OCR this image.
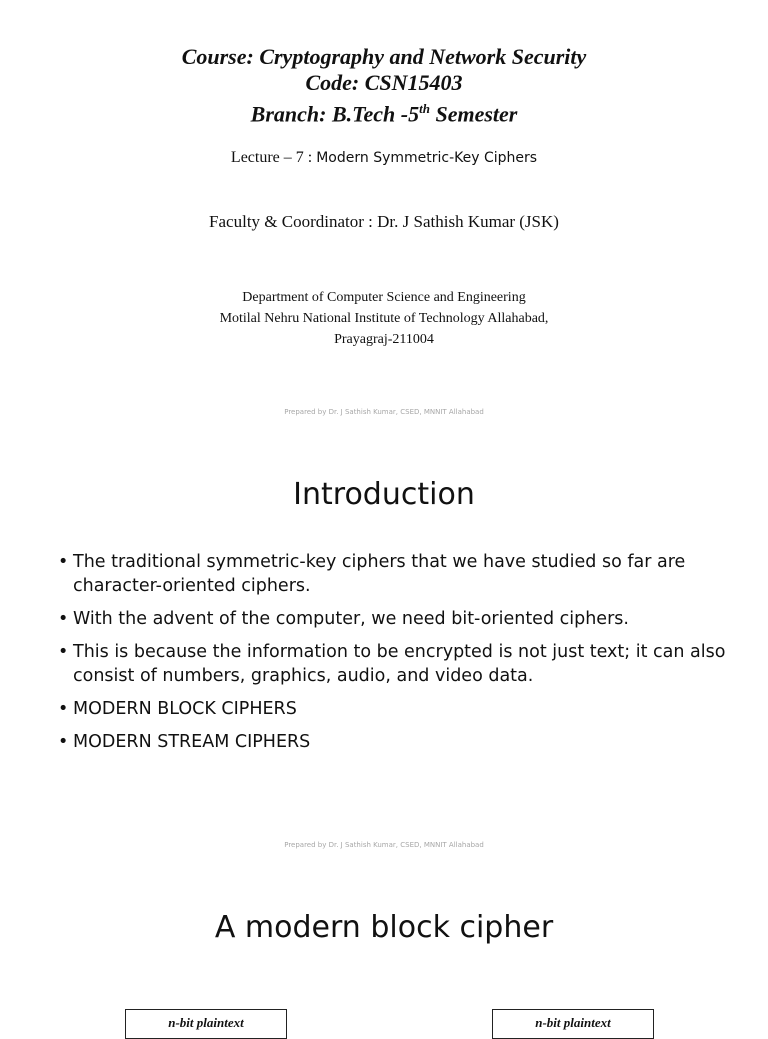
Course: Cryptography and Network Security
Code: CSN15403
Branch: B.Tech -5th Semester
Lecture – 7 : Modern Symmetric-Key Ciphers
Faculty & Coordinator : Dr. J Sathish Kumar (JSK)
Department of Computer Science and Engineering
Motilal Nehru National Institute of Technology Allahabad,
Prayagraj-211004
Prepared by Dr. J Sathish Kumar, CSED, MNNIT Allahabad
Introduction
• The traditional symmetric-key ciphers that we have studied so far are character-oriented ciphers.
• With the advent of the computer, we need bit-oriented ciphers.
• This is because the information to be encrypted is not just text; it can also consist of numbers, graphics, audio, and video data.
• MODERN BLOCK CIPHERS
• MODERN STREAM CIPHERS
Prepared by Dr. J Sathish Kumar, CSED, MNNIT Allahabad
A modern block cipher
n-bit plaintext	n-bit plaintext
